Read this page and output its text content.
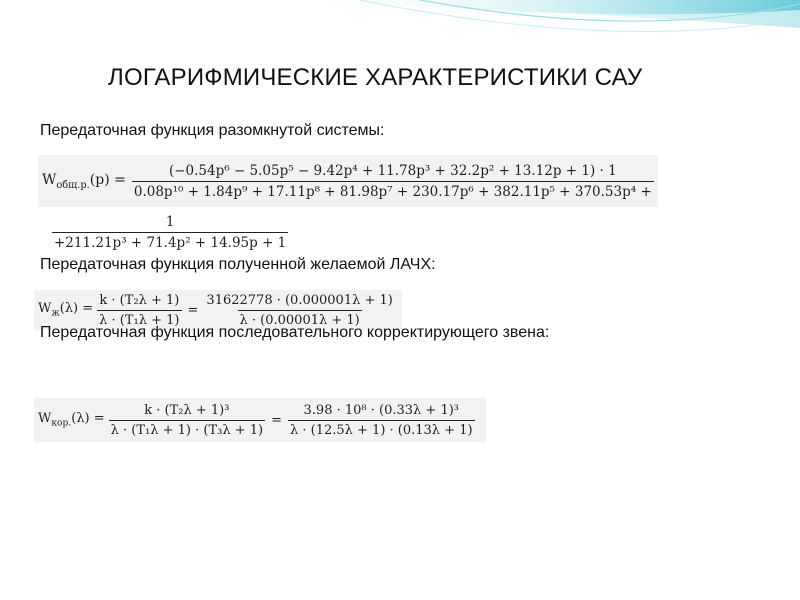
ЛОГАРИФМИЧЕСКИЕ ХАРАКТЕРИСТИКИ САУ
Передаточная функция разомкнутой системы:
$W_{общ.р.}(p)$ =
(−0.54p⁶ − 5.05p⁵ − 9.42p⁴ + 11.78p³ + 32.2p² + 13.12p + 1) · 1
0.08p¹⁰ + 1.84p⁹ + 17.11p⁸ + 81.98p⁷ + 230.17p⁶ + 382.11p⁵ + 370.53p⁴ +
$\frac{1}{\text{+211.21p³ + 71.4p² + 14.95p + 1}}$
Передаточная функция полученной желаемой ЛАЧХ:
$W_ж(\lambda) = \frac{\text{k · (T₂λ + 1)}}{\text{λ · (T₁λ + 1)}} = \frac{31622778 \cdot (0.000001\lambda + 1)}{\lambda \cdot (0.00001\lambda + 1)}$
Передаточная функция последовательного корректирующего звена:
$W_{кор.}(\lambda) = \frac{\text{k · (T₂λ + 1)³}}{\text{λ · (T₁λ + 1) · (T₃λ + 1)}} = \frac{\text{3.98 · 10⁸ · (0.33λ + 1)³}}{\lambda \cdot (12.5\lambda + 1) \cdot (0.13\lambda + 1)}$
